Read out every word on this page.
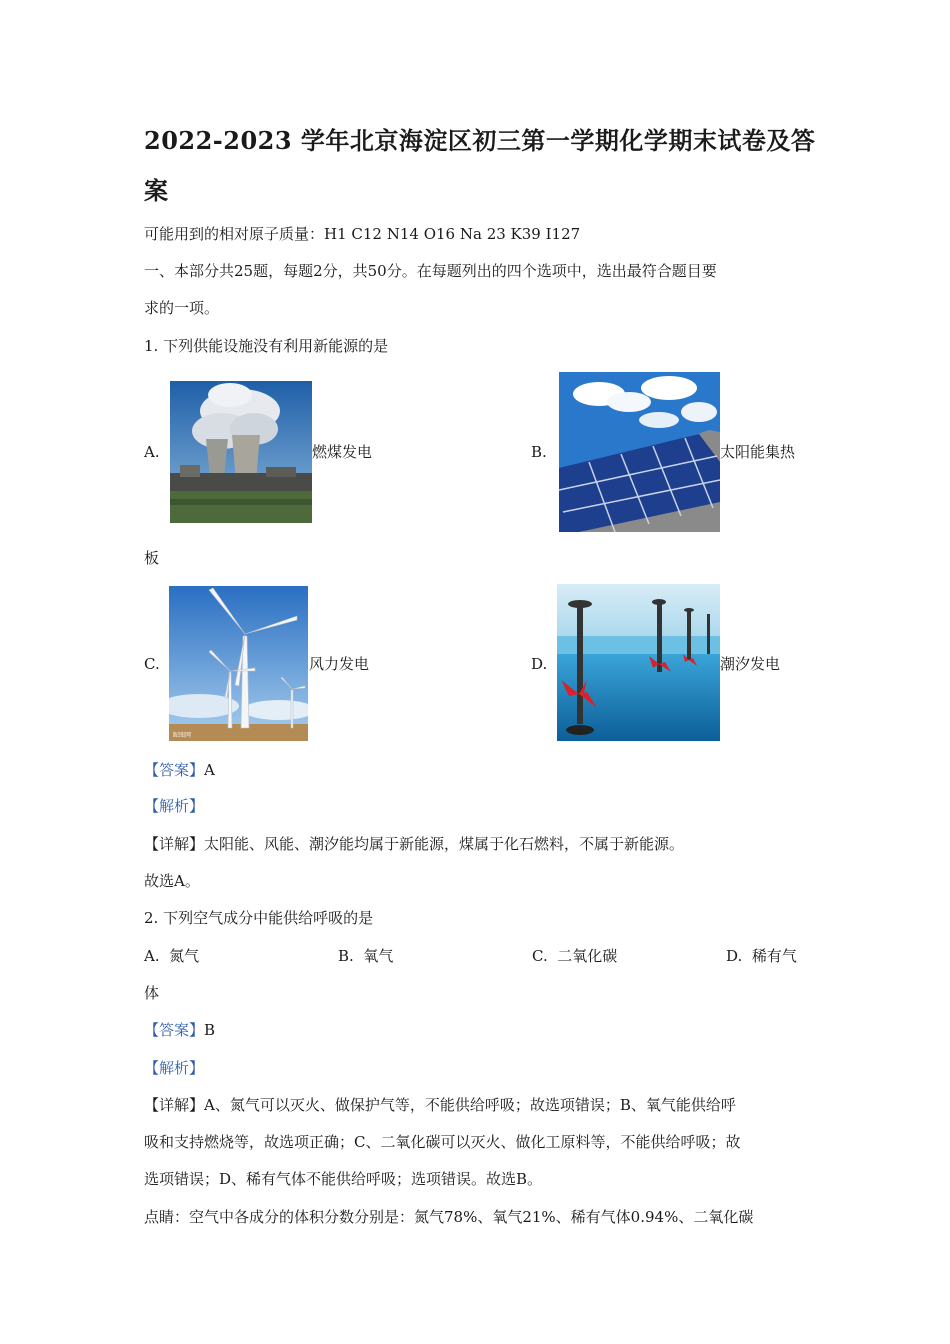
2022-2023 学年北京海淀区初三第一学期化学期末试卷及答
案
可能用到的相对原子质量：H1 C12 N14 O16 Na 23 K39 I127
一、本部分共25题，每题2分，共50分。在每题列出的四个选项中，选出最符合题目要
求的一项。
1. 下列供能设施没有利用新能源的是
A.	燃煤发电	B.	太阳能集热
板
C.
昵图网
风力发电	D.	潮汐发电
【答案】A
【解析】
【详解】太阳能、风能、潮汐能均属于新能源，煤属于化石燃料，不属于新能源。
故选A。
2. 下列空气成分中能供给呼吸的是
A. 氮气	B. 氧气	C. 二氧化碳	D. 稀有气
体
【答案】B
【解析】
【详解】A、氮气可以灭火、做保护气等，不能供给呼吸；故选项错误；B、氧气能供给呼
吸和支持燃烧等，故选项正确；C、二氧化碳可以灭火、做化工原料等，不能供给呼吸；故
选项错误；D、稀有气体不能供给呼吸；选项错误。故选B。
点睛：空气中各成分的体积分数分别是：氮气78%、氧气21%、稀有气体0.94%、二氧化碳
